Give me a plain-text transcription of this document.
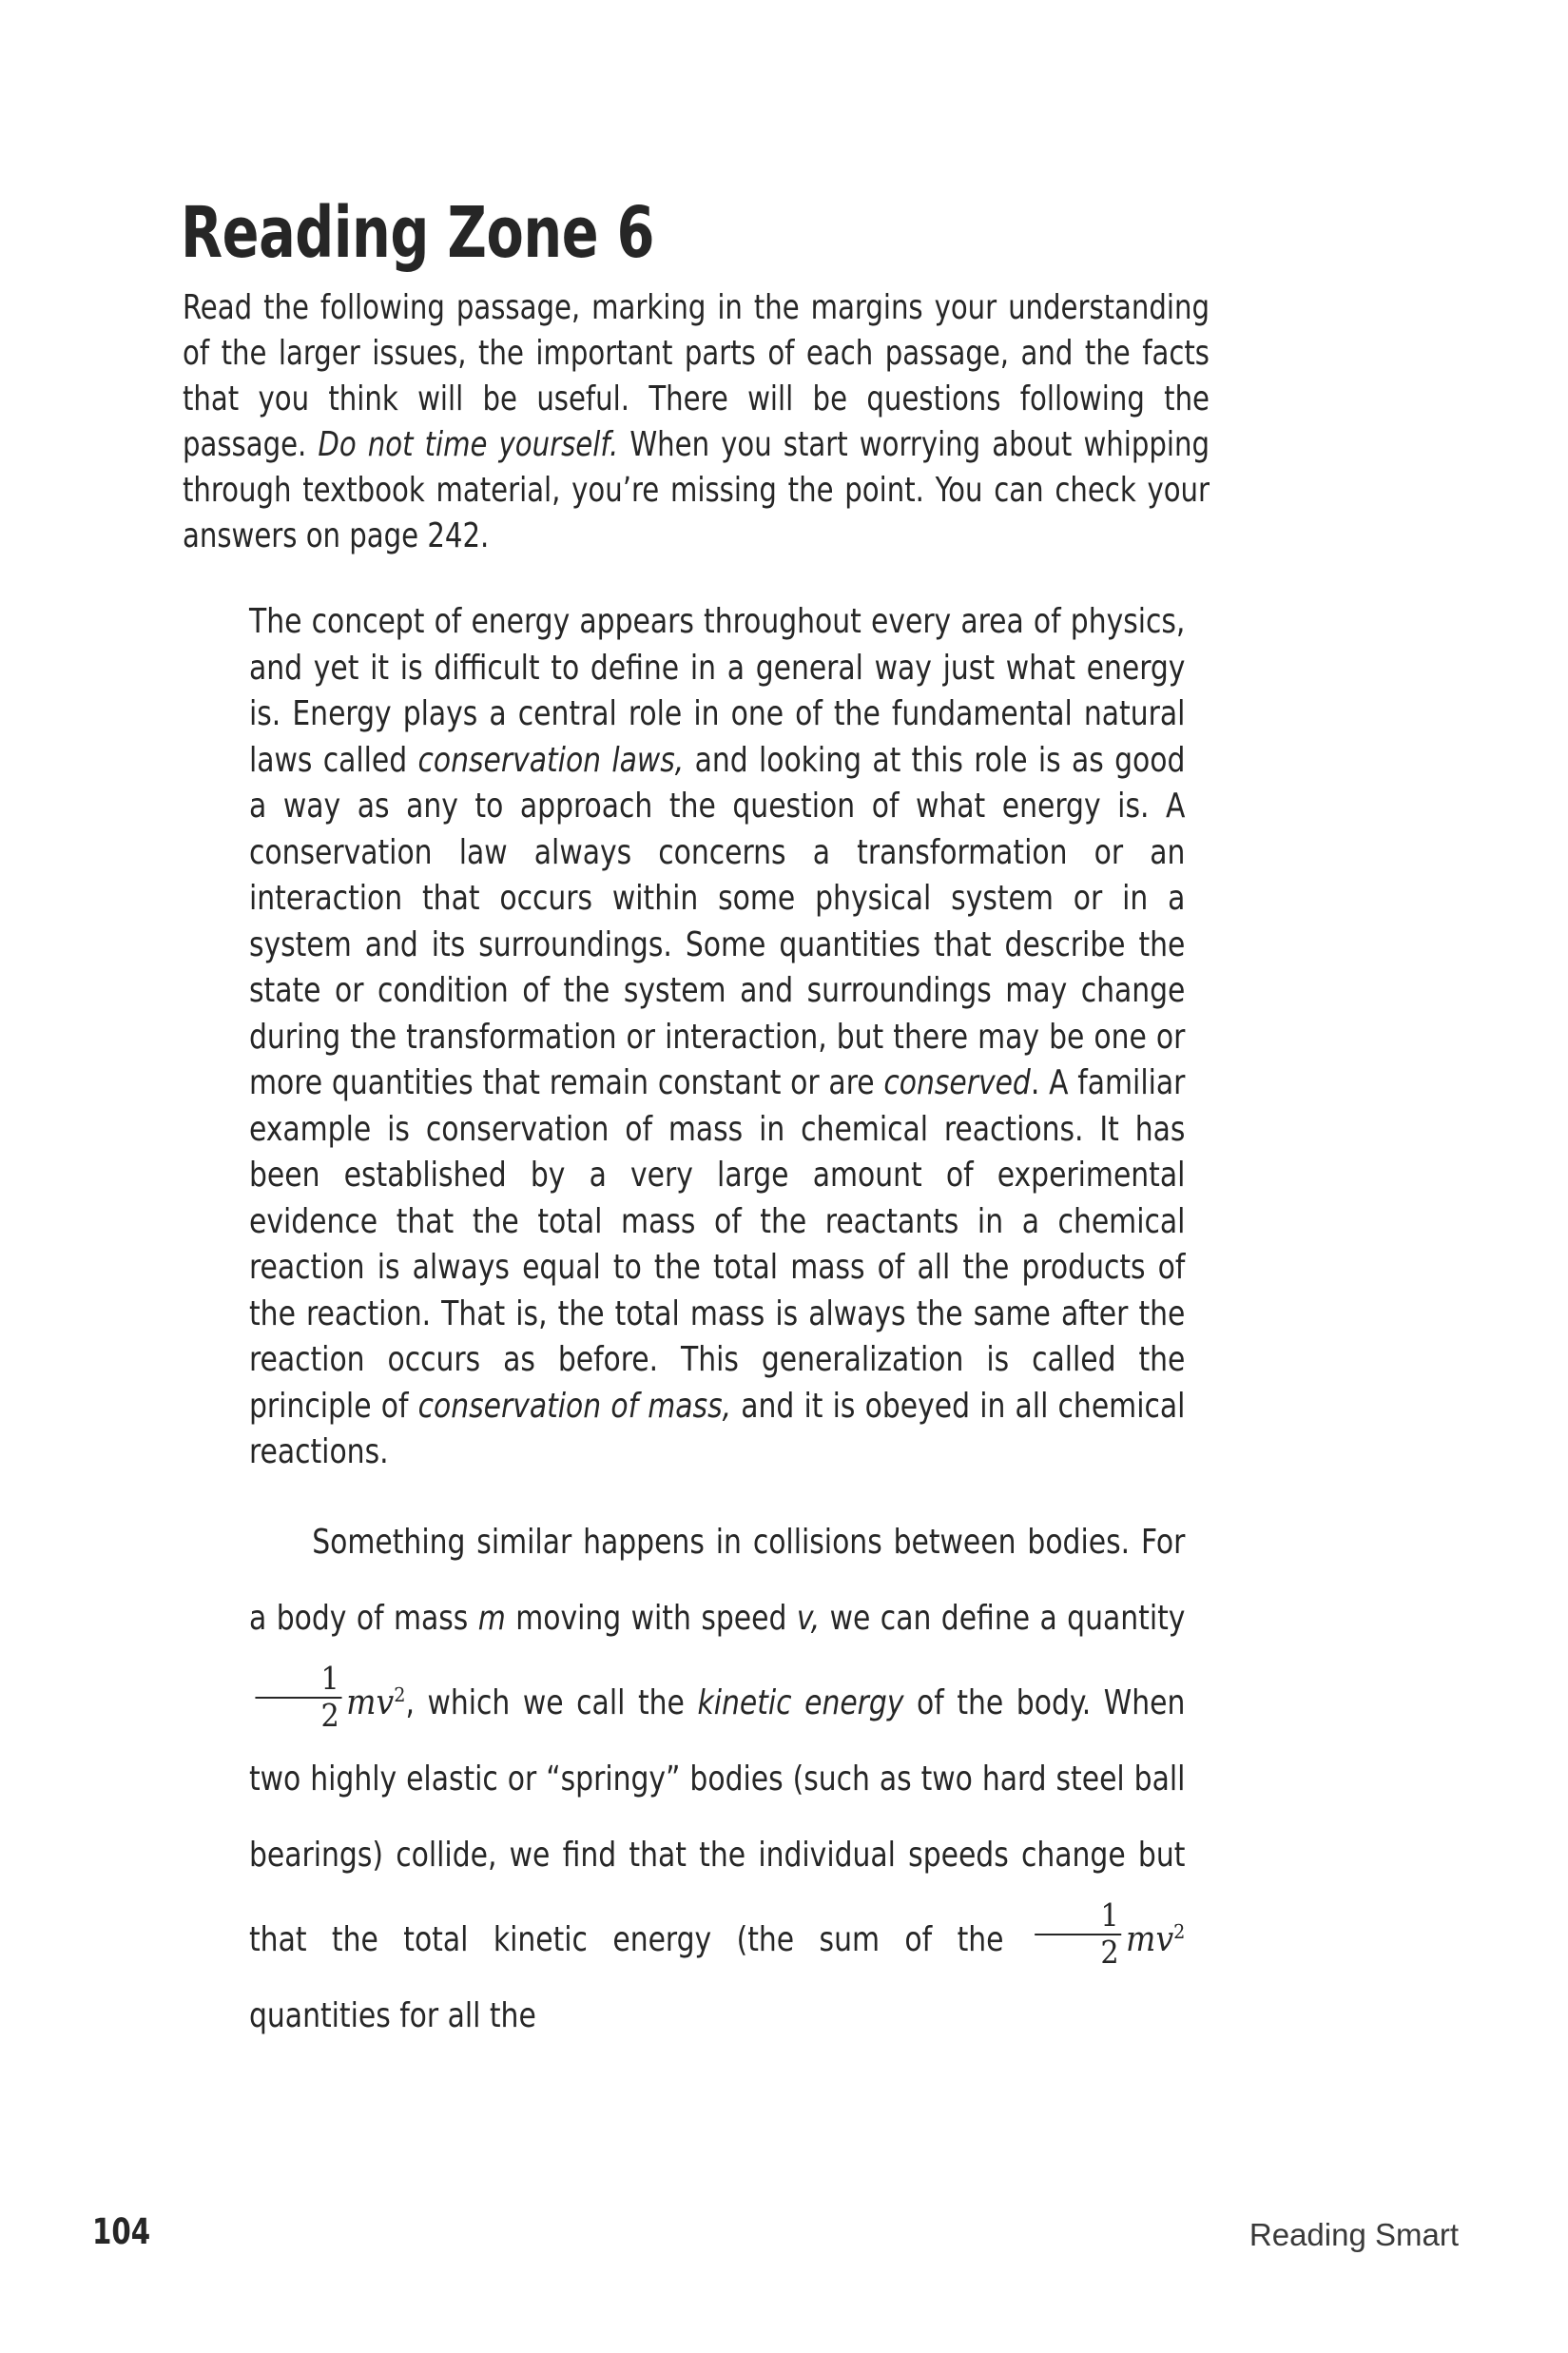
Reading Zone 6
Read the following passage, marking in the margins your understanding of the larger issues, the important parts of each passage, and the facts that you think will be useful. There will be questions following the passage. Do not time yourself. When you start worrying about whipping through textbook material, you’re missing the point. You can check your answers on page 242.

The concept of energy appears throughout every area of physics, and yet it is difficult to define in a general way just what energy is. Energy plays a central role in one of the fundamental natural laws called conservation laws, and looking at this role is as good a way as any to approach the question of what energy is. A conservation law always concerns a transformation or an interaction that occurs within some physical system or in a system and its surroundings. Some quantities that describe the state or condition of the system and surroundings may change during the transformation or interaction, but there may be one or more quantities that remain constant or are conserved. A familiar example is conservation of mass in chemical reactions. It has been established by a very large amount of experimental evidence that the total mass of the reactants in a chemical reaction is always equal to the total mass of all the products of the reaction. That is, the total mass is always the same after the reaction occurs as before. This generalization is called the principle of conservation of mass, and it is obeyed in all chemical reactions.

Something similar happens in collisions between bodies. For a body of mass m moving with speed v, we can define a quantity
$\frac{1}{2} mv^2$, which we call the kinetic energy of the body. When two highly elastic or “springy” bodies (such as two hard steel ball bearings) collide, we find that the individual speeds change but that the total kinetic energy (the sum of the $\frac{1}{2} mv^2$ quantities for all the

104	Reading Smart
